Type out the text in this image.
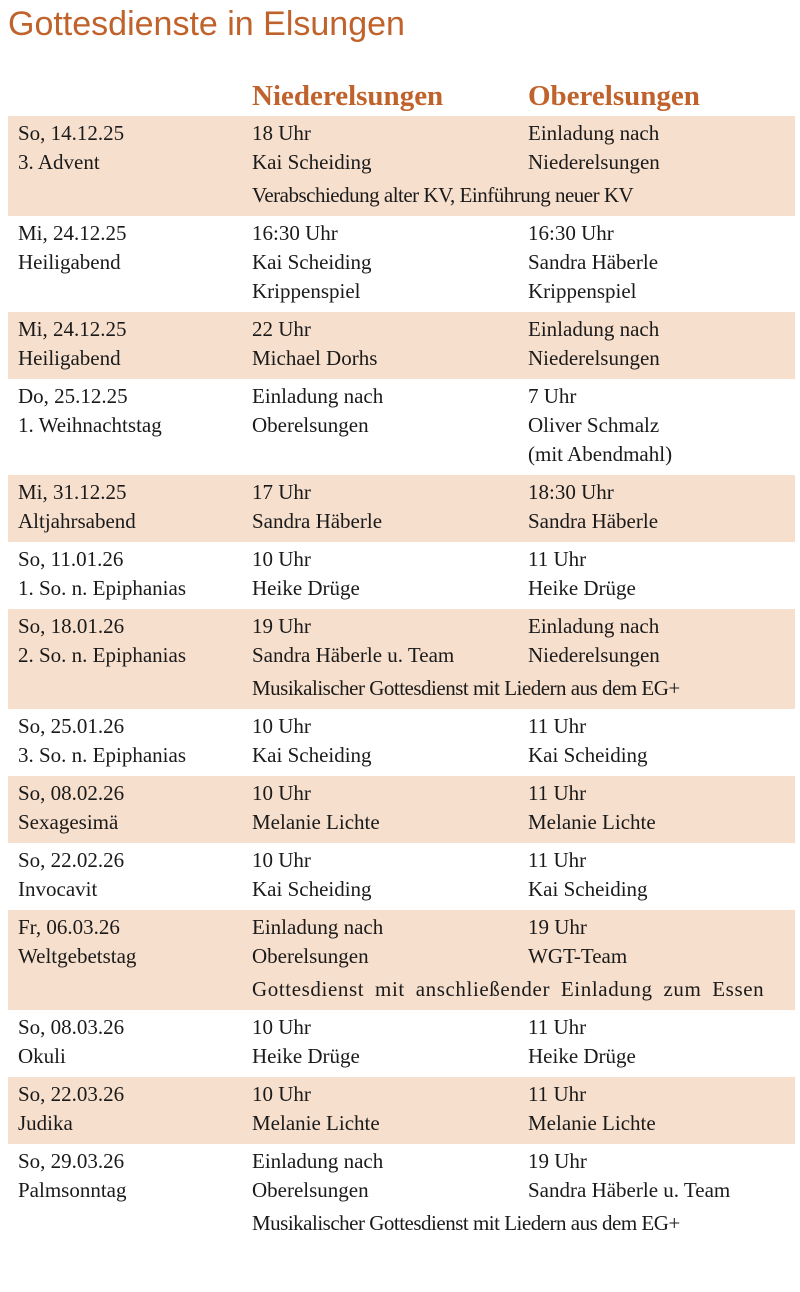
Gottesdienste in Elsungen
Niederelsungen	Oberelsungen
So, 14.12.25
3. Advent
18 Uhr
Kai Scheiding
Einladung nach
Niederelsungen
Verabschiedung alter KV, Einführung neuer KV
Mi, 24.12.25
Heiligabend
16:30 Uhr
Kai Scheiding
Krippenspiel
16:30 Uhr
Sandra Häberle
Krippenspiel
Mi, 24.12.25
Heiligabend
22 Uhr
Michael Dorhs
Einladung nach
Niederelsungen
Do, 25.12.25
1. Weihnachtstag
Einladung nach
Oberelsungen
7 Uhr
Oliver Schmalz
(mit Abendmahl)
Mi, 31.12.25
Altjahrsabend
17 Uhr
Sandra Häberle
18:30 Uhr
Sandra Häberle
So, 11.01.26
1. So. n. Epiphanias
10 Uhr
Heike Drüge
11 Uhr
Heike Drüge
So, 18.01.26
2. So. n. Epiphanias
19 Uhr
Sandra Häberle u. Team
Einladung nach
Niederelsungen
Musikalischer Gottesdienst mit Liedern aus dem EG+
So, 25.01.26
3. So. n. Epiphanias
10 Uhr
Kai Scheiding
11 Uhr
Kai Scheiding
So, 08.02.26
Sexagesimä
10 Uhr
Melanie Lichte
11 Uhr
Melanie Lichte
So, 22.02.26
Invocavit
10 Uhr
Kai Scheiding
11 Uhr
Kai Scheiding
Fr, 06.03.26
Weltgebetstag
Einladung nach
Oberelsungen
19 Uhr
WGT-Team
Gottesdienst mit anschließender Einladung zum Essen
So, 08.03.26
Okuli
10 Uhr
Heike Drüge
11 Uhr
Heike Drüge
So, 22.03.26
Judika
10 Uhr
Melanie Lichte
11 Uhr
Melanie Lichte
So, 29.03.26
Palmsonntag
Einladung nach
Oberelsungen
19 Uhr
Sandra Häberle u. Team
Musikalischer Gottesdienst mit Liedern aus dem EG+
